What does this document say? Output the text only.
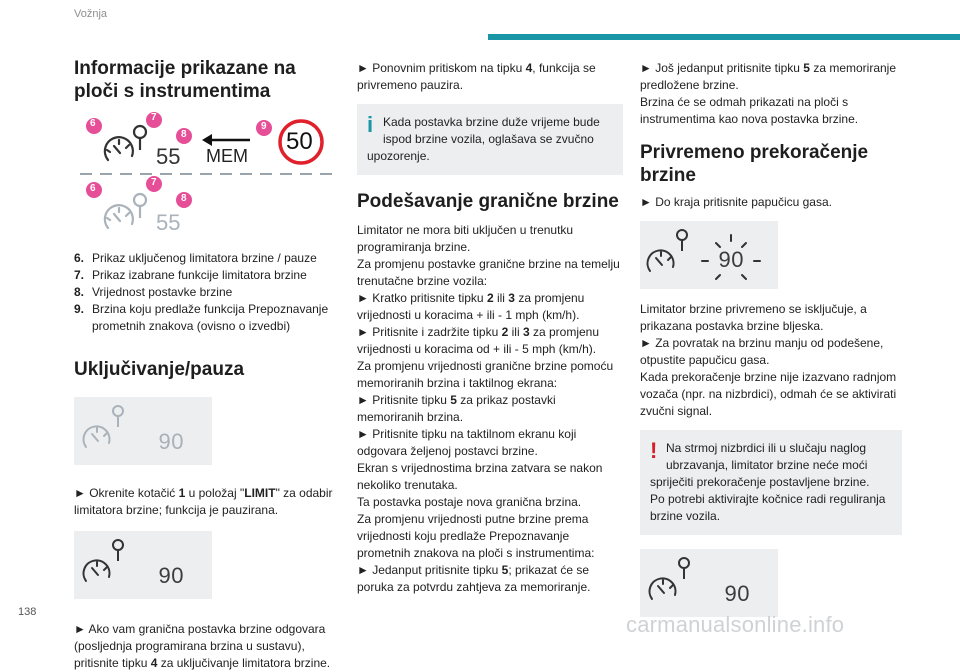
Vožnja
Informacije prikazane na ploči s instrumentima
6
7
8
9
6
7
8
55 MEM
50
55
6. Prikaz uključenog limitatora brzine / pauze
7. Prikaz izabrane funkcije limitatora brzine
8. Vrijednost postavke brzine
9. Brzina koju predlaže funkcija Prepoznavanje prometnih znakova (ovisno o izvedbi)
Uključivanje/pauza
90

► Okrenite kotačić 1 u položaj "LIMIT" za odabir limitatora brzine; funkcija je pauzirana.

90

► Ako vam granična postavka brzine odgovara (posljednja programirana brzina u sustavu), pritisnite tipku 4 za uključivanje limitatora brzine.

► Ponovnim pritiskom na tipku 4, funkcija se privremeno pauzira.

i Kada postavka brzine duže vrijeme bude ispod brzine vozila, oglašava se zvučno
upozorenje.
Podešavanje granične brzine

Limitator ne mora biti uključen u trenutku programiranja brzine.

Za promjenu postavke granične brzine na temelju trenutačne brzine vozila:

► Kratko pritisnite tipku 2 ili 3 za promjenu vrijednosti u koracima + ili - 1 mph (km/h).

► Pritisnite i zadržite tipku 2 ili 3 za promjenu vrijednosti u koracima od + ili - 5 mph (km/h).

Za promjenu vrijednosti granične brzine pomoću memoriranih brzina i taktilnog ekrana:

► Pritisnite tipku 5 za prikaz postavki memoriranih brzina.

► Pritisnite tipku na taktilnom ekranu koji odgovara željenoj postavci brzine.

Ekran s vrijednostima brzina zatvara se nakon nekoliko trenutaka.

Ta postavka postaje nova granična brzina.

Za promjenu vrijednosti putne brzine prema vrijednosti koju predlaže Prepoznavanje prometnih znakova na ploči s instrumentima:

► Jedanput pritisnite tipku 5; prikazat će se poruka za potvrdu zahtjeva za memoriranje.

► Još jedanput pritisnite tipku 5 za memoriranje predložene brzine.

Brzina će se odmah prikazati na ploči s instrumentima kao nova postavka brzine.

Privremeno prekoračenje brzine

► Do kraja pritisnite papučicu gasa.

90

Limitator brzine privremeno se isključuje, a prikazana postavka brzine bljeska.

► Za povratak na brzinu manju od podešene, otpustite papučicu gasa.

Kada prekoračenje brzine nije izazvano radnjom vozača (npr. na nizbrdici), odmah će se aktivirati zvučni signal.

! Na strmoj nizbrdici ili u slučaju naglog ubrzavanja, limitator brzine neće moći
spriječiti prekoračenje postavljene brzine.
Po potrebi aktivirajte kočnice radi reguliranja brzine vozila.
90
138	carmanualsonline.info
